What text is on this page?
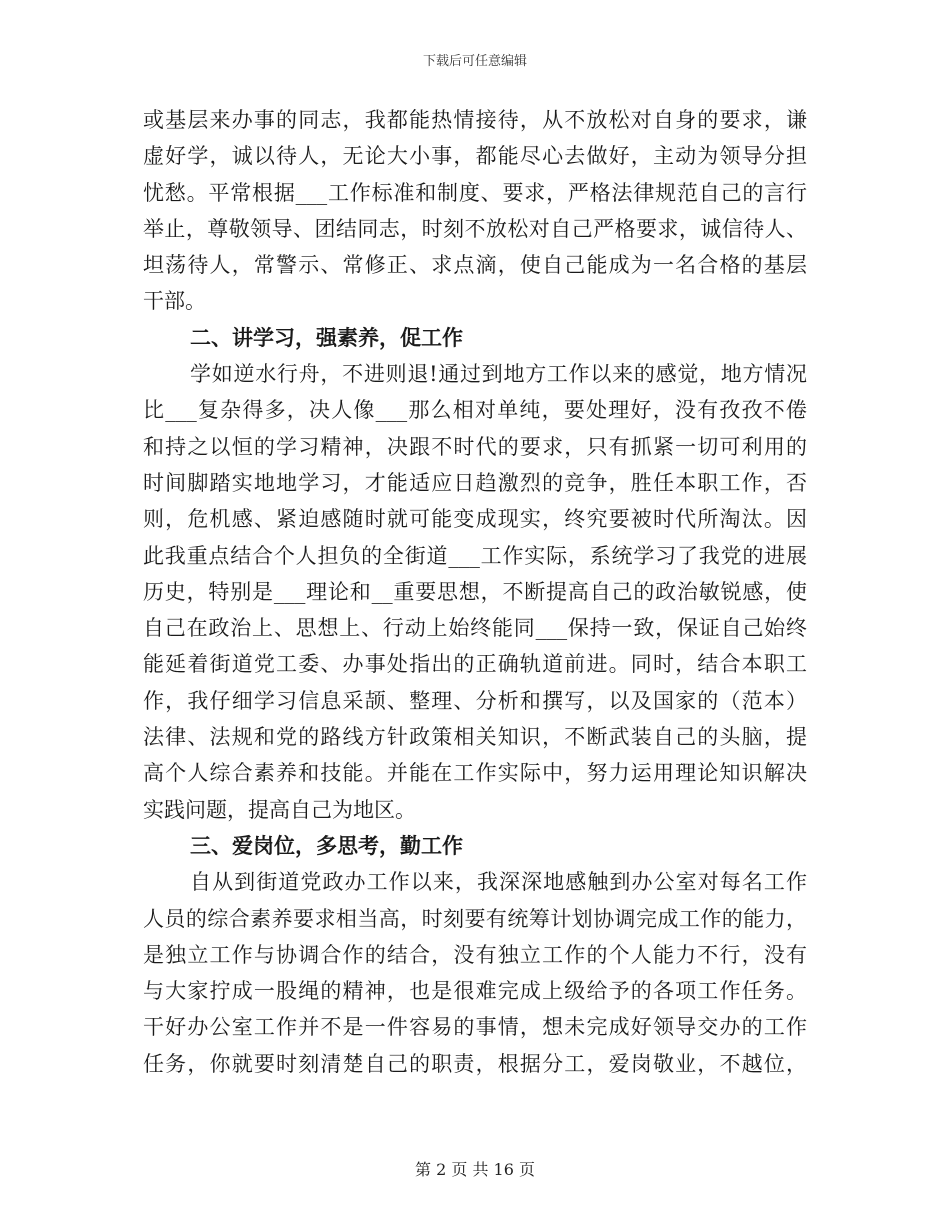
下载后可任意编辑
或基层来办事的同志，我都能热情接待，从不放松对自身的要求，谦
虚好学，诚以待人，无论大小事，都能尽心去做好，主动为领导分担
忧愁。平常根据___工作标准和制度、要求，严格法律规范自己的言行
举止，尊敬领导、团结同志，时刻不放松对自己严格要求，诚信待人、
坦荡待人，常警示、常修正、求点滴，使自己能成为一名合格的基层
干部。
二、讲学习，强素养，促工作
学如逆水行舟，不进则退!通过到地方工作以来的感觉，地方情况
比___复杂得多，决人像___那么相对单纯，要处理好，没有孜孜不倦
和持之以恒的学习精神，决跟不时代的要求，只有抓紧一切可利用的
时间脚踏实地地学习，才能适应日趋激烈的竞争，胜任本职工作，否
则，危机感、紧迫感随时就可能变成现实，终究要被时代所淘汰。因
此我重点结合个人担负的全街道___工作实际，系统学习了我党的进展
历史，特别是___理论和__重要思想，不断提高自己的政治敏锐感，使
自己在政治上、思想上、行动上始终能同___保持一致，保证自己始终
能延着街道党工委、办事处指出的正确轨道前进。同时，结合本职工
作，我仔细学习信息采颉、整理、分析和撰写，以及国家的（范本）
法律、法规和党的路线方针政策相关知识，不断武装自己的头脑，提
高个人综合素养和技能。并能在工作实际中，努力运用理论知识解决
实践问题，提高自己为地区。
三、爱岗位，多思考，勤工作
自从到街道党政办工作以来，我深深地感触到办公室对每名工作
人员的综合素养要求相当高，时刻要有统筹计划协调完成工作的能力，
是独立工作与协调合作的结合，没有独立工作的个人能力不行，没有
与大家拧成一股绳的精神，也是很难完成上级给予的各项工作任务。
干好办公室工作并不是一件容易的事情，想未完成好领导交办的工作
任务，你就要时刻清楚自己的职责，根据分工，爱岗敬业，不越位，
第 2 页 共 16 页
